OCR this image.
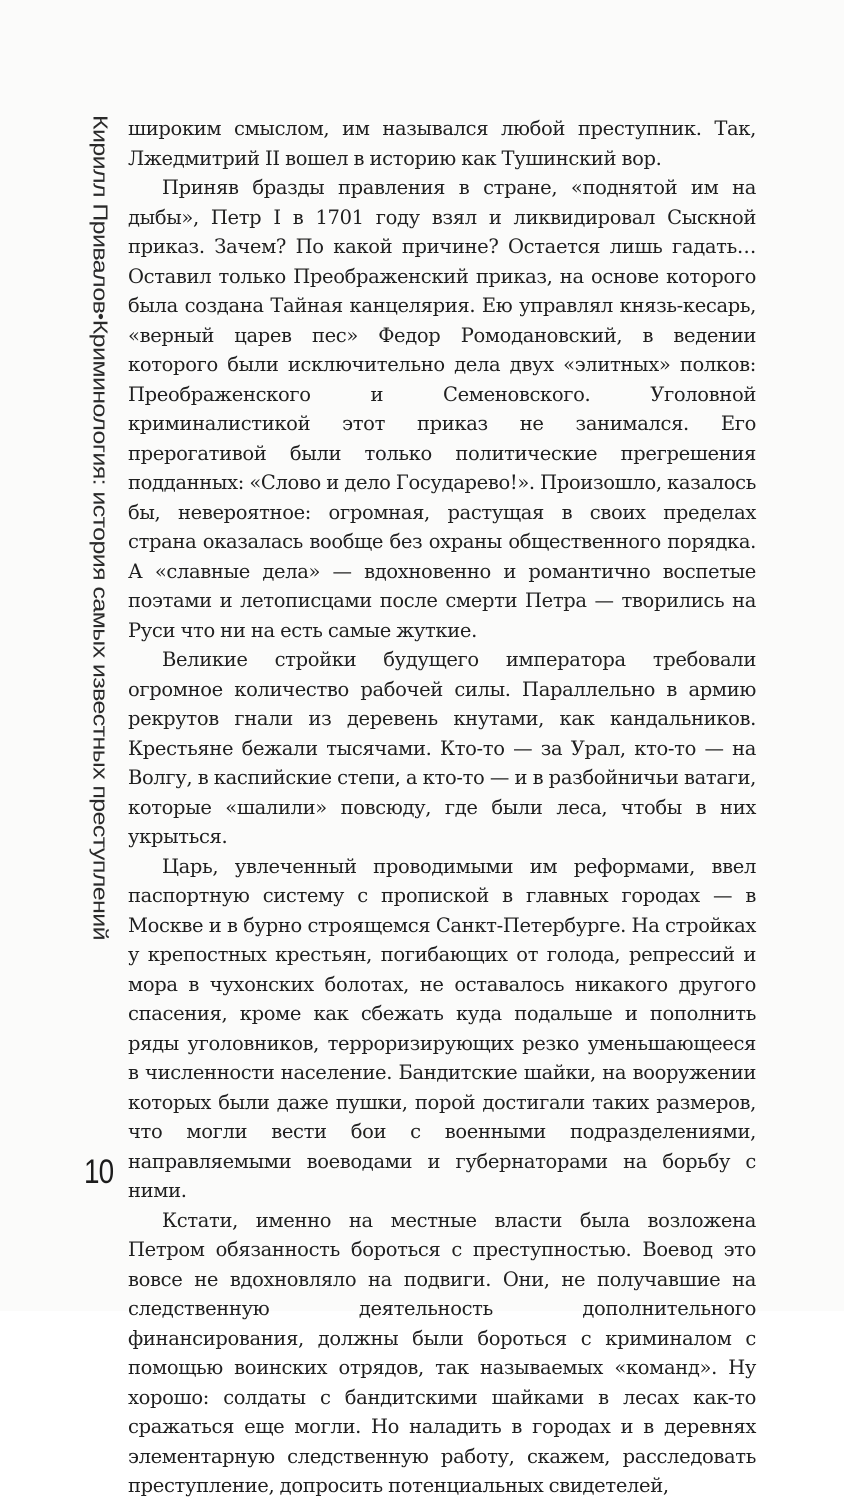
Кирилл Привалов•Криминология: история самых известных преступлений
10

широким смыслом, им назывался любой преступник. Так, Лжедмитрий II вошел в историю как Тушинский вор.

Приняв бразды правления в стране, «поднятой им на дыбы», Петр I в 1701 году взял и ликвидировал Сыскной приказ. Зачем? По какой причине? Остается лишь гадать… Оставил только Преображенский приказ, на основе которого была создана Тайная канцелярия. Ею управлял князь-кесарь, «верный царев пес» Федор Ромодановский, в ведении которого были исключительно дела двух «элитных» полков: Преображенского и Семеновского. Уголовной криминалистикой этот приказ не занимался. Его прерогативой были только политические прегрешения подданных: «Слово и дело Государево!». Произошло, казалось бы, невероятное: огромная, растущая в своих пределах страна оказалась вообще без охраны общественного порядка. А «славные дела» — вдохновенно и романтично воспетые поэтами и летописцами после смерти Петра — творились на Руси что ни на есть самые жуткие.

Великие стройки будущего императора требовали огромное количество рабочей силы. Параллельно в армию рекрутов гнали из деревень кнутами, как кандальников. Крестьяне бежали тысячами. Кто-то — за Урал, кто-то — на Волгу, в каспийские степи, а кто-то — и в разбойничьи ватаги, которые «шалили» повсюду, где были леса, чтобы в них укрыться.

Царь, увлеченный проводимыми им реформами, ввел паспортную систему с пропиской в главных городах — в Москве и в бурно строящемся Санкт-Петербурге. На стройках у крепостных крестьян, погибающих от голода, репрессий и мора в чухонских болотах, не оставалось никакого другого спасения, кроме как сбежать куда подальше и пополнить ряды уголовников, терроризирующих резко уменьшающееся в численности население. Бандитские шайки, на вооружении которых были даже пушки, порой достигали таких размеров, что могли вести бои с военными подразделениями, направляемыми воеводами и губернаторами на борьбу с ними.

Кстати, именно на местные власти была возложена Петром обязанность бороться с преступностью. Воевод это вовсе не вдохновляло на подвиги. Они, не получавшие на следственную деятельность дополнительного финансирования, должны были бороться с криминалом с помощью воинских отрядов, так называемых «команд». Ну хорошо: солдаты с бандитскими шайками в лесах как-то сражаться еще могли. Но наладить в городах и в деревнях элементарную следственную работу, скажем, расследовать преступление, допросить потенциальных свидетелей,
